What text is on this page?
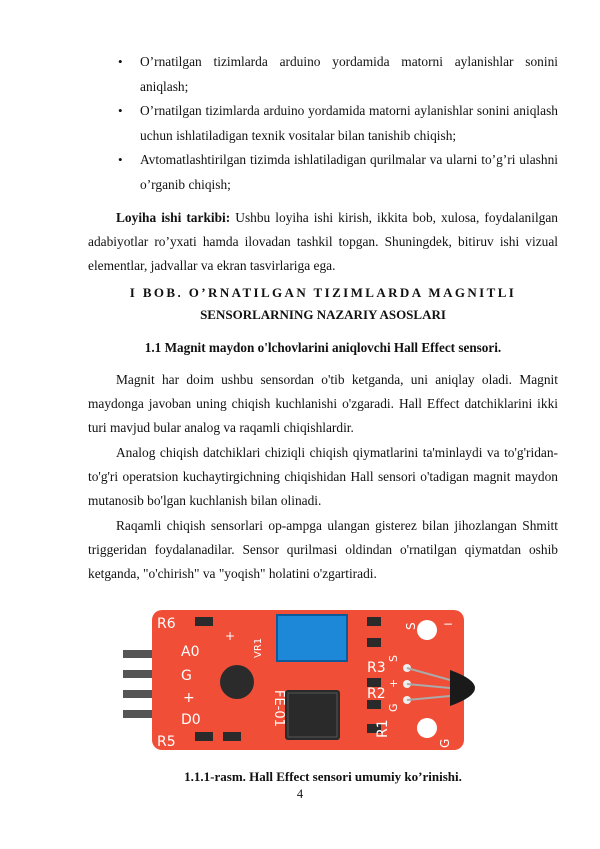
• O’rnatilgan tizimlarda arduino yordamida matorni aylanishlar sonini aniqlash;
• O’rnatilgan tizimlarda arduino yordamida matorni aylanishlar sonini aniqlash uchun ishlatiladigan texnik vositalar bilan tanishib chiqish;
• Avtomatlashtirilgan tizimda ishlatiladigan qurilmalar va ularni to’g’ri ulashni o’rganib chiqish;

Loyiha ishi tarkibi: Ushbu loyiha ishi kirish, ikkita bob, xulosa, foydalanilgan adabiyotlar ro’yxati hamda ilovadan tashkil topgan. Shuningdek, bitiruv ishi vizual elementlar, jadvallar va ekran tasvirlariga ega.

I BOB. O’RNATILGAN TIZIMLARDA MAGNITLI

SENSORLARNING NAZARIY ASOSLARI

1.1 Magnit maydon o'lchovlarini aniqlovchi Hall Effect sensori.

Magnit har doim ushbu sensordan o'tib ketganda, uni aniqlay oladi. Magnit maydonga javoban uning chiqish kuchlanishi o'zgaradi. Hall Effect datchiklarini ikki turi mavjud bular analog va raqamli chiqishlardir.

Analog chiqish datchiklari chiziqli chiqish qiymatlarini ta'minlaydi va to'g'ridan-to'g'ri operatsion kuchaytirgichning chiqishidan Hall sensori o'tadigan magnit maydon mutanosib bo'lgan kuchlanish bilan olinadi.

Raqamli chiqish sensorlari op-ampga ulangan gisterez bilan jihozlangan Shmitt triggeridan foydalanadilar. Sensor qurilmasi oldindan o'rnatilgan qiymatdan oshib ketganda, "o'chirish" va "yoqish" holatini o'zgartiradi.

R6
A0
G
+
D0
R5
VR1
+
FE-01
R3
R2
R1
S −
S
+
G
G

1.1.1-rasm. Hall Effect sensori umumiy ko’rinishi.

4
